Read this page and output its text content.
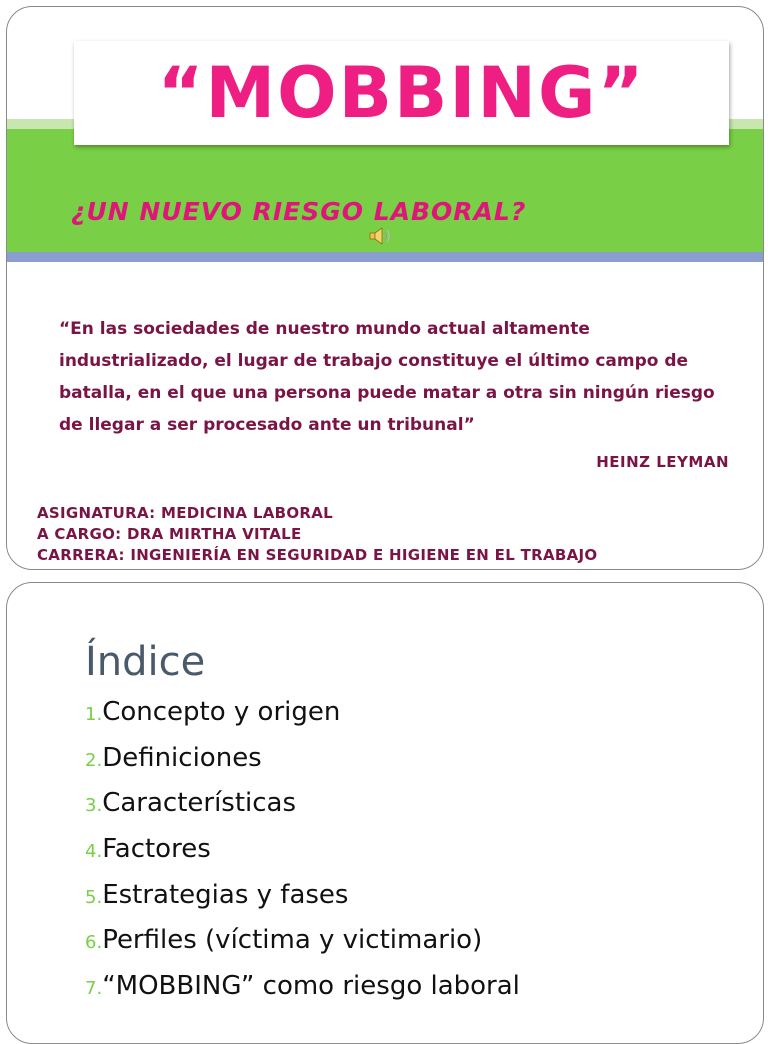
“MOBBING”
¿UN NUEVO RIESGO LABORAL?
“En las sociedades de nuestro mundo actual altamente industrializado, el lugar de trabajo constituye el último campo de batalla, en el que una persona puede matar a otra sin ningún riesgo de llegar a ser procesado ante un tribunal”
HEINZ LEYMAN
ASIGNATURA: MEDICINA LABORAL
A CARGO: DRA MIRTHA VITALE
CARRERA: INGENIERÍA EN SEGURIDAD E HIGIENE EN EL TRABAJO
Índice
1. Concepto y origen
2. Definiciones
3. Características
4. Factores
5. Estrategias y fases
6. Perfiles (víctima y victimario)
7. “MOBBING” como riesgo laboral
